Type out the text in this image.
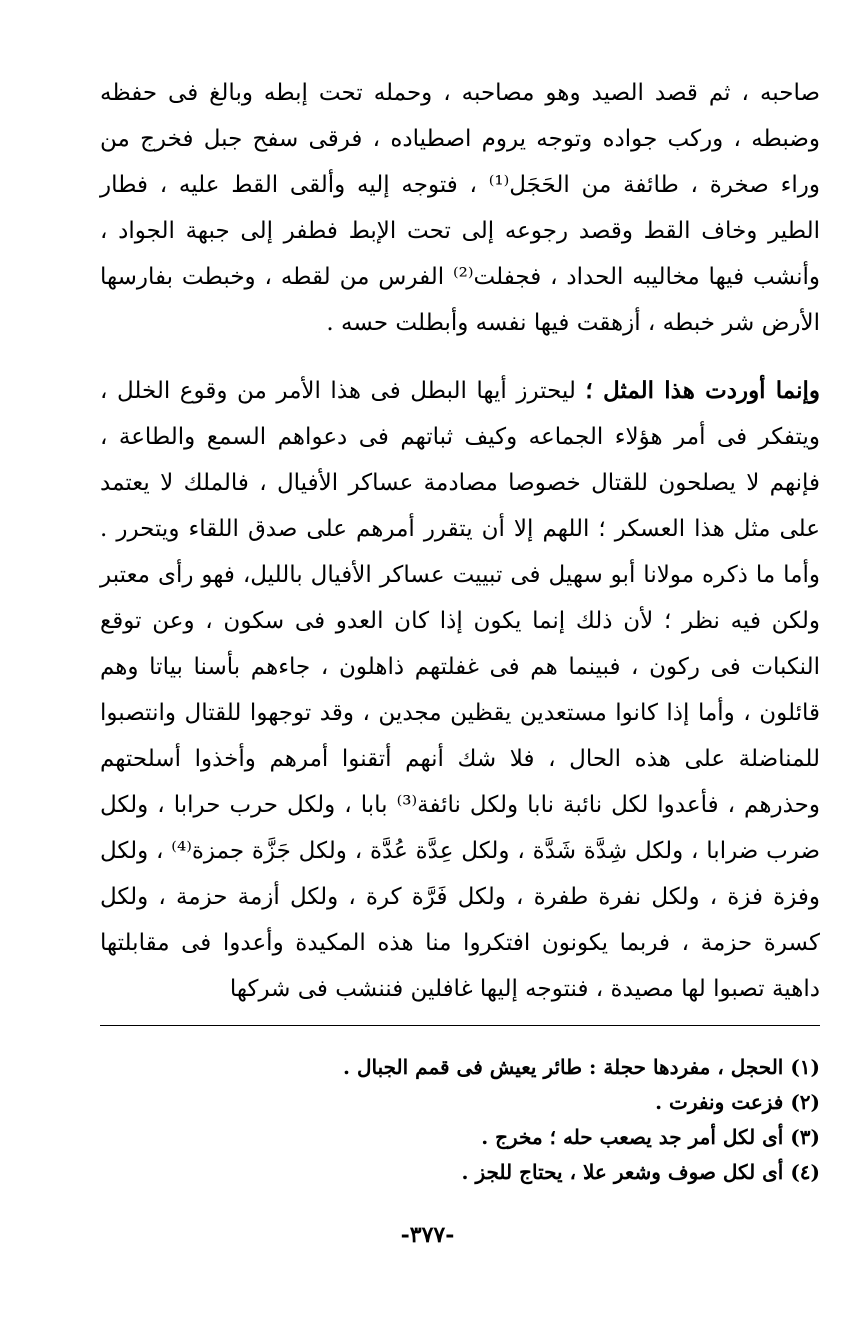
صاحبه ، ثم قصد الصيد وهو مصاحبه ، وحمله تحت إبطه وبالغ فى حفظه وضبطه ، وركب جواده وتوجه يروم اصطياده ، فرقى سفح جبل فخرج من وراء صخرة ، طائفة من الحَجَل⁽¹⁾ ، فتوجه إليه وألقى القط عليه ، فطار الطير وخاف القط وقصد رجوعه إلى تحت الإبط فطفر إلى جبهة الجواد ، وأنشب فيها مخاليبه الحداد ، فجفلت⁽²⁾ الفرس من لقطه ، وخبطت بفارسها الأرض شر خبطه ، أزهقت فيها نفسه وأبطلت حسه .

وإنما أوردت هذا المثل ؛ ليحترز أيها البطل فى هذا الأمر من وقوع الخلل ، ويتفكر فى أمر هؤلاء الجماعه وكيف ثباتهم فى دعواهم السمع والطاعة ، فإنهم لا يصلحون للقتال خصوصا مصادمة عساكر الأفيال ، فالملك لا يعتمد على مثل هذا العسكر ؛ اللهم إلا أن يتقرر أمرهم على صدق اللقاء ويتحرر . وأما ما ذكره مولانا أبو سهيل فى تبييت عساكر الأفيال بالليل، فهو رأى معتبر ولكن فيه نظر ؛ لأن ذلك إنما يكون إذا كان العدو فى سكون ، وعن توقع النكبات فى ركون ، فبينما هم فى غفلتهم ذاهلون ، جاءهم بأسنا بياتا وهم قائلون ، وأما إذا كانوا مستعدين يقظين مجدين ، وقد توجهوا للقتال وانتصبوا للمناضلة على هذه الحال ، فلا شك أنهم أتقنوا أمرهم وأخذوا أسلحتهم وحذرهم ، فأعدوا لكل نائبة نابا ولكل نائفة⁽³⁾ بابا ، ولكل حرب حرابا ، ولكل ضرب ضرابا ، ولكل شِدَّة شَدَّة ، ولكل عِدَّة عُدَّة ، ولكل جَزَّة جمزة⁽⁴⁾ ، ولكل وفزة فزة ، ولكل نفرة طفرة ، ولكل فَرَّة كرة ، ولكل أزمة حزمة ، ولكل كسرة حزمة ، فربما يكونون افتكروا منا هذه المكيدة وأعدوا فى مقابلتها داهية تصبوا لها مصيدة ، فنتوجه إليها غافلين فننشب فى شركها

(١) الحجل ، مفردها حجلة : طائر يعيش فى قمم الجبال .
(٢) فزعت ونفرت .
(٣) أى لكل أمر جد يصعب حله ؛ مخرج .
(٤) أى لكل صوف وشعر علا ، يحتاج للجز .
-٣٧٧-
